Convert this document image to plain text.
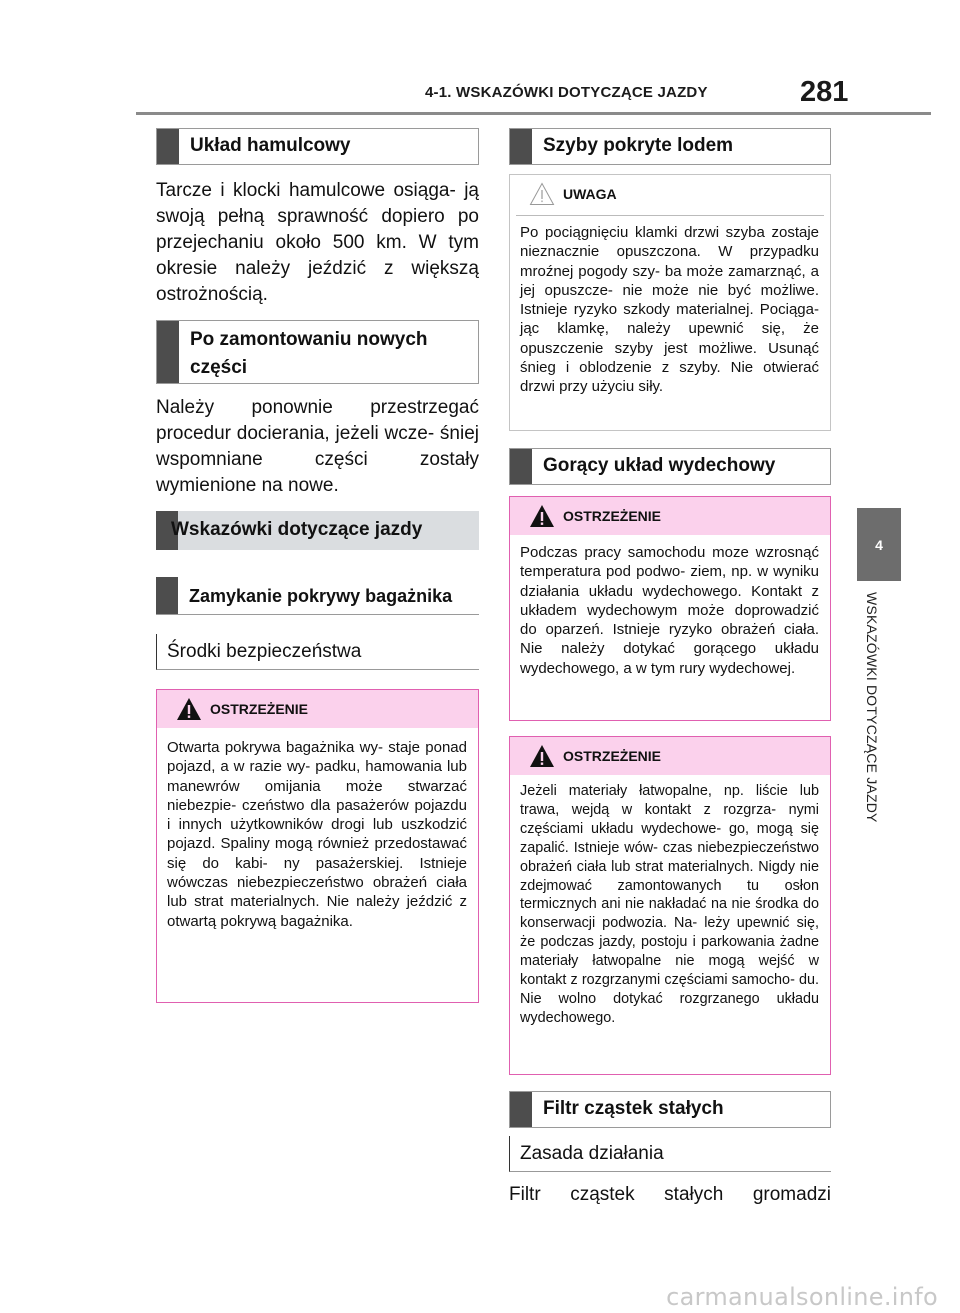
4-1. WSKAZÓWKI DOTYCZĄCE JAZDY	281
4
WSKAZÓWKI DOTYCZĄCE JAZDY
Układ hamulcowy

Tarcze i klocki hamulcowe osiąga- ją swoją pełną sprawność dopiero po przejechaniu około 500 km. W tym okresie należy jeździć z większą ostrożnością.

Po zamontowaniu nowych części

Należy ponownie przestrzegać procedur docierania, jeżeli wcze- śniej wspomniane części zostały wymienione na nowe.

Wskazówki dotyczące jazdy
Zamykanie pokrywy bagażnika
Środki bezpieczeństwa
OSTRZEŻENIE
Otwarta pokrywa bagażnika wy- staje ponad pojazd, a w razie wy- padku, hamowania lub manewrów omijania może stwarzać niebezpie- czeństwo dla pasażerów pojazdu i innych użytkowników drogi lub uszkodzić pojazd. Spaliny mogą również przedostawać się do kabi- ny pasażerskiej. Istnieje wówczas niebezpieczeństwo obrażeń ciała lub strat materialnych. Nie należy jeździć z otwartą pokrywą bagażnika.
Szyby pokryte lodem
UWAGA
Po pociągnięciu klamki drzwi szyba zostaje nieznacznie opuszczona. W przypadku mroźnej pogody szy- ba może zamarznąć, a jej opuszcze- nie może nie być możliwe. Istnieje ryzyko szkody materialnej. Pociąga- jąc klamkę, należy upewnić się, że opuszczenie szyby jest możliwe. Usunąć śnieg i oblodzenie z szyby. Nie otwierać drzwi przy użyciu siły.
Gorący układ wydechowy
OSTRZEŻENIE
Podczas pracy samochodu moze wzrosnąć temperatura pod podwo- ziem, np. w wyniku działania układu wydechowego. Kontakt z układem wydechowym może doprowadzić do oparzeń. Istnieje ryzyko obrażeń ciała. Nie należy dotykać gorącego układu wydechowego, a w tym rury wydechowej.
OSTRZEŻENIE
Jeżeli materiały łatwopalne, np. liście lub trawa, wejdą w kontakt z rozgrza- nymi częściami układu wydechowe- go, mogą się zapalić. Istnieje wów- czas niebezpieczeństwo obrażeń ciała lub strat materialnych. Nigdy nie zdejmować zamontowanych tu osłon termicznych ani nie nakładać na nie środka do konserwacji podwozia. Na- leży upewnić się, że podczas jazdy, postoju i parkowania żadne materiały łatwopalne nie mogą wejść w kontakt z rozgrzanymi częściami samocho- du. Nie wolno dotykać rozgrzanego układu wydechowego.
Filtr cząstek stałych
Zasada działania

Filtr cząstek stałych gromadzi

carmanualsonline.info
